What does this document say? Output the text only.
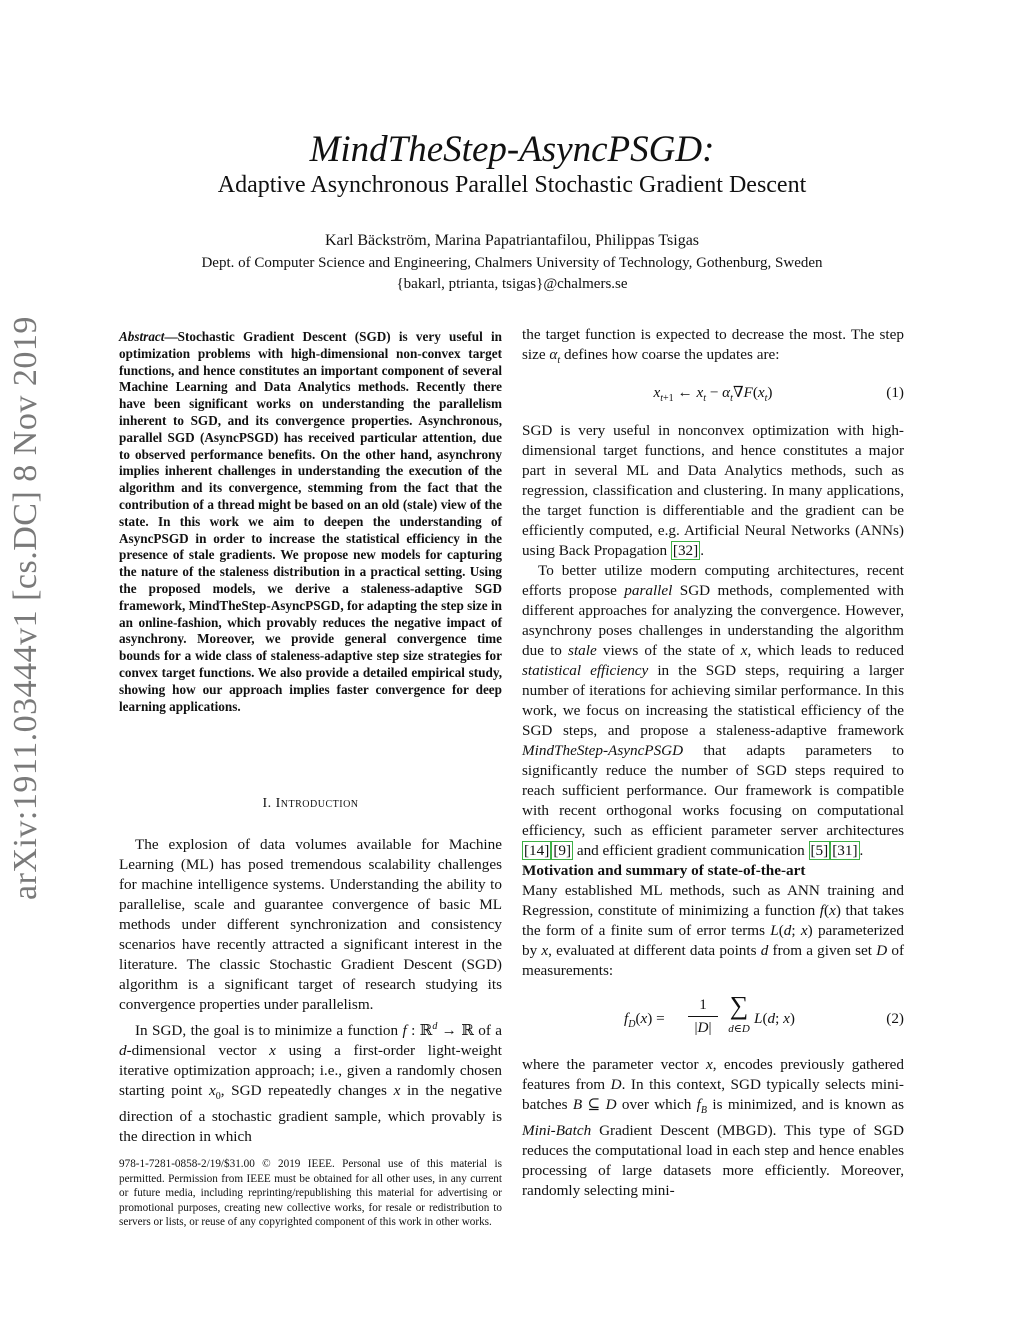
arXiv:1911.03444v1 [cs.DC] 8 Nov 2019
MindTheStep-AsyncPSGD:
Adaptive Asynchronous Parallel Stochastic Gradient Descent
Karl Bäckström, Marina Papatriantafilou, Philippas Tsigas
Dept. of Computer Science and Engineering, Chalmers University of Technology, Gothenburg, Sweden
{bakarl, ptrianta, tsigas}@chalmers.se
Abstract—Stochastic Gradient Descent (SGD) is very useful in optimization problems with high-dimensional non-convex target functions, and hence constitutes an important component of several Machine Learning and Data Analytics methods. Recently there have been significant works on understanding the parallelism inherent to SGD, and its convergence properties. Asynchronous, parallel SGD (AsyncPSGD) has received particular attention, due to observed performance benefits. On the other hand, asynchrony implies inherent challenges in understanding the execution of the algorithm and its convergence, stemming from the fact that the contribution of a thread might be based on an old (stale) view of the state. In this work we aim to deepen the understanding of AsyncPSGD in order to increase the statistical efficiency in the presence of stale gradients. We propose new models for capturing the nature of the staleness distribution in a practical setting. Using the proposed models, we derive a staleness-adaptive SGD framework, MindTheStep-AsyncPSGD, for adapting the step size in an online-fashion, which provably reduces the negative impact of asynchrony. Moreover, we provide general convergence time bounds for a wide class of staleness-adaptive step size strategies for convex target functions. We also provide a detailed empirical study, showing how our approach implies faster convergence for deep learning applications.
I. Introduction

The explosion of data volumes available for Machine Learning (ML) has posed tremendous scalability challenges for machine intelligence systems. Understanding the ability to parallelise, scale and guarantee convergence of basic ML methods under different synchronization and consistency scenarios have recently attracted a significant interest in the literature. The classic Stochastic Gradient Descent (SGD) algorithm is a significant target of research studying its convergence properties under parallelism.

In SGD, the goal is to minimize a function f : ℝ$^d$ → ℝ of a d-dimensional vector x using a first-order light-weight iterative optimization approach; i.e., given a randomly chosen starting point $x_0$, SGD repeatedly changes x in the negative direction of a stochastic gradient sample, which provably is the direction in which

978-1-7281-0858-2/19/$31.00 © 2019 IEEE. Personal use of this material is permitted. Permission from IEEE must be obtained for all other uses, in any current or future media, including reprinting/republishing this material for advertising or promotional purposes, creating new collective works, for resale or redistribution to servers or lists, or reuse of any copyrighted component of this work in other works.

the target function is expected to decrease the most. The step size $\alpha_t$ defines how coarse the updates are:

$x_{t+1}$ ← $x_t - \alpha_t\nabla F(x_t)$	(1)

SGD is very useful in nonconvex optimization with high-dimensional target functions, and hence constitutes a major part in several ML and Data Analytics methods, such as regression, classification and clustering. In many applications, the target function is differentiable and the gradient can be efficiently computed, e.g. Artificial Neural Networks (ANNs) using Back Propagation [32] .

To better utilize modern computing architectures, recent efforts propose parallel SGD methods, complemented with different approaches for analyzing the convergence. However, asynchrony poses challenges in understanding the algorithm due to stale views of the state of x, which leads to reduced statistical efficiency in the SGD steps, requiring a larger number of iterations for achieving similar performance. In this work, we focus on increasing the statistical efficiency of the SGD steps, and propose a staleness-adaptive framework MindTheStep-AsyncPSGD that adapts parameters to significantly reduce the number of SGD steps required to reach sufficient performance. Our framework is compatible with recent orthogonal works focusing on computational efficiency, such as efficient parameter server architectures [14] [9] and efficient gradient communication [5] [31] .

Motivation and summary of state-of-the-art

Many established ML methods, such as ANN training and Regression, constitute of minimizing a function f(x) that takes the form of a finite sum of error terms L(d; x) parameterized by x, evaluated at different data points d from a given set D of measurements:

$f_D(x)$ =
1
|D|
∑
d∈D
L(d; x)	(2)

where the parameter vector x, encodes previously gathered features from D. In this context, SGD typically selects mini-batches B ⊆ D over which $f_B$ is minimized, and is known as Mini-Batch Gradient Descent (MBGD). This type of SGD reduces the computational load in each step and hence enables processing of large datasets more efficiently. Moreover, randomly selecting mini-
